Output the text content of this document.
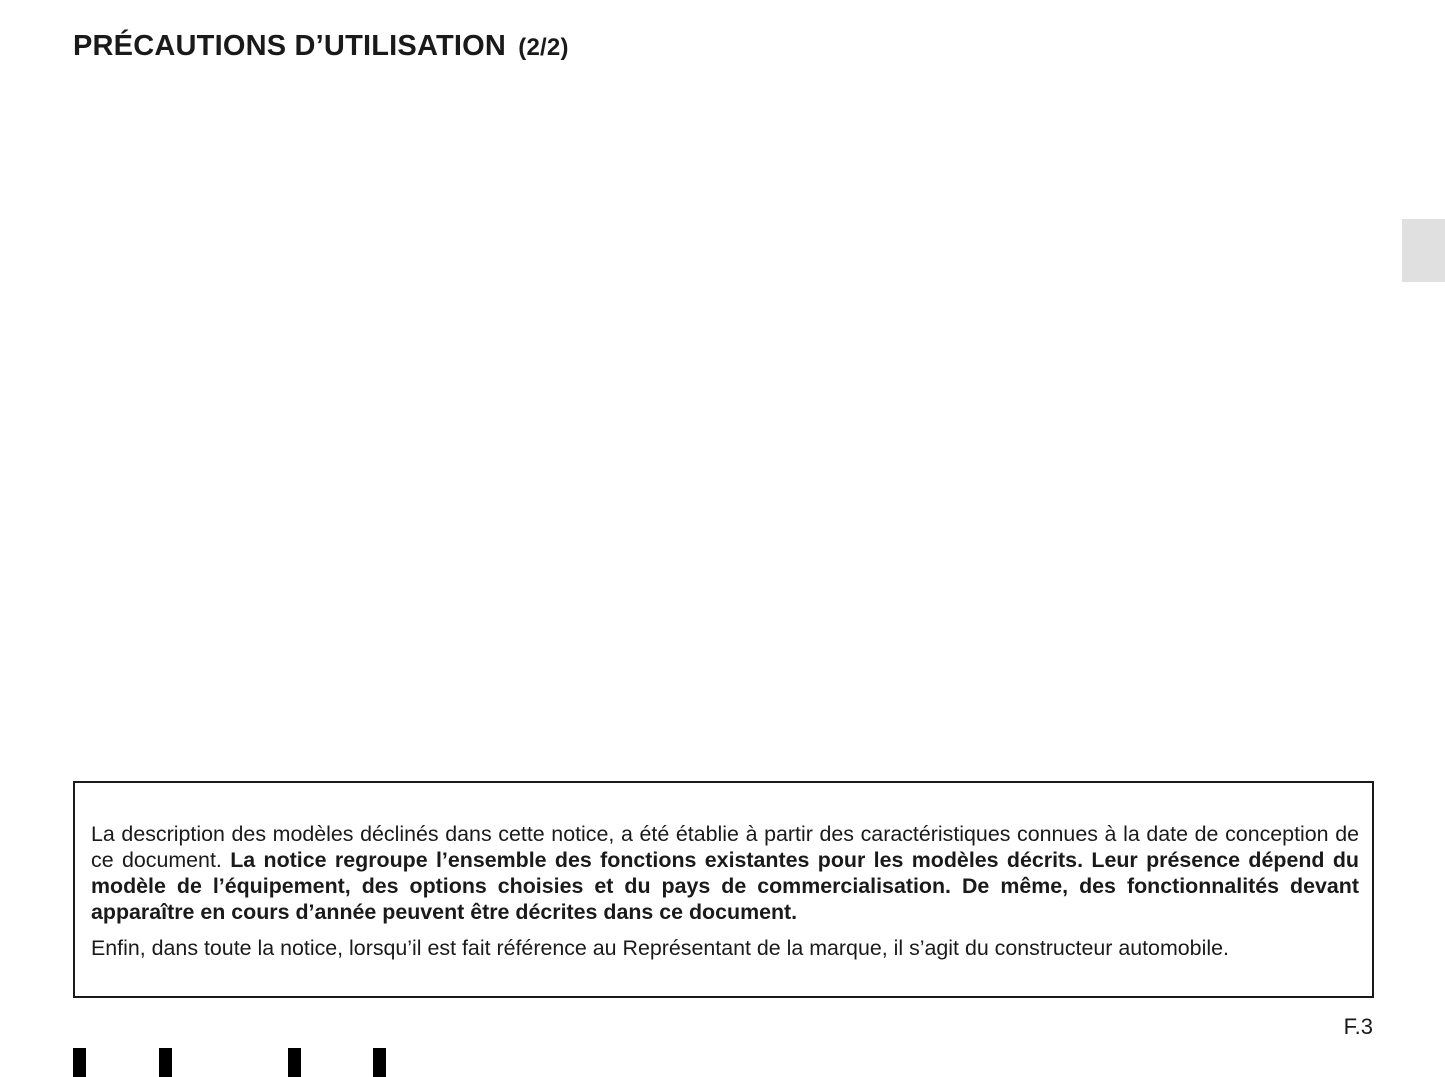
PRÉCAUTIONS D’UTILISATION (2/2)

La description des modèles déclinés dans cette notice, a été établie à partir des caractéristiques connues à la date de conception de ce document. La notice regroupe l’ensemble des fonctions existantes pour les modèles décrits. Leur présence dépend du modèle de l’équipement, des options choisies et du pays de commercialisation. De même, des fonctionnalités devant apparaître en cours d’année peuvent être décrites dans ce document.

Enfin, dans toute la notice, lorsqu’il est fait référence au Représentant de la marque, il s’agit du constructeur automobile.

F.3
